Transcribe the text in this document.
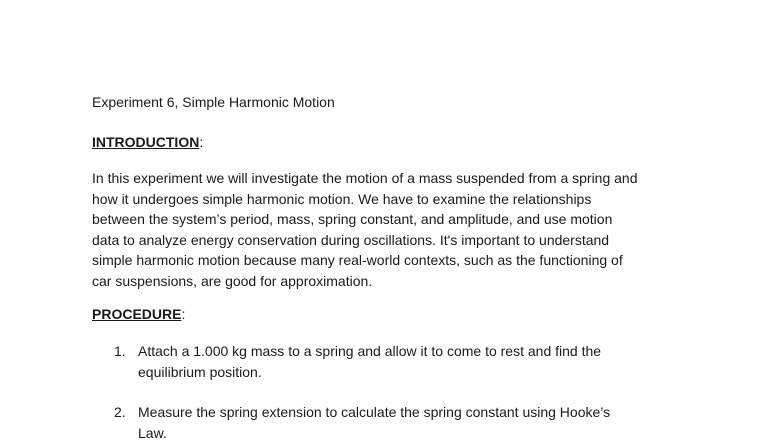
Experiment 6, Simple Harmonic Motion
INTRODUCTION:
In this experiment we will investigate the motion of a mass suspended from a spring and
how it undergoes simple harmonic motion. We have to examine the relationships
between the system’s period, mass, spring constant, and amplitude, and use motion
data to analyze energy conservation during oscillations. It's important to understand
simple harmonic motion because many real-world contexts, such as the functioning of
car suspensions, are good for approximation.
PROCEDURE:
1. Attach a 1.000 kg mass to a spring and allow it to come to rest and find the
equilibrium position.
2. Measure the spring extension to calculate the spring constant using Hooke’s
Law.
